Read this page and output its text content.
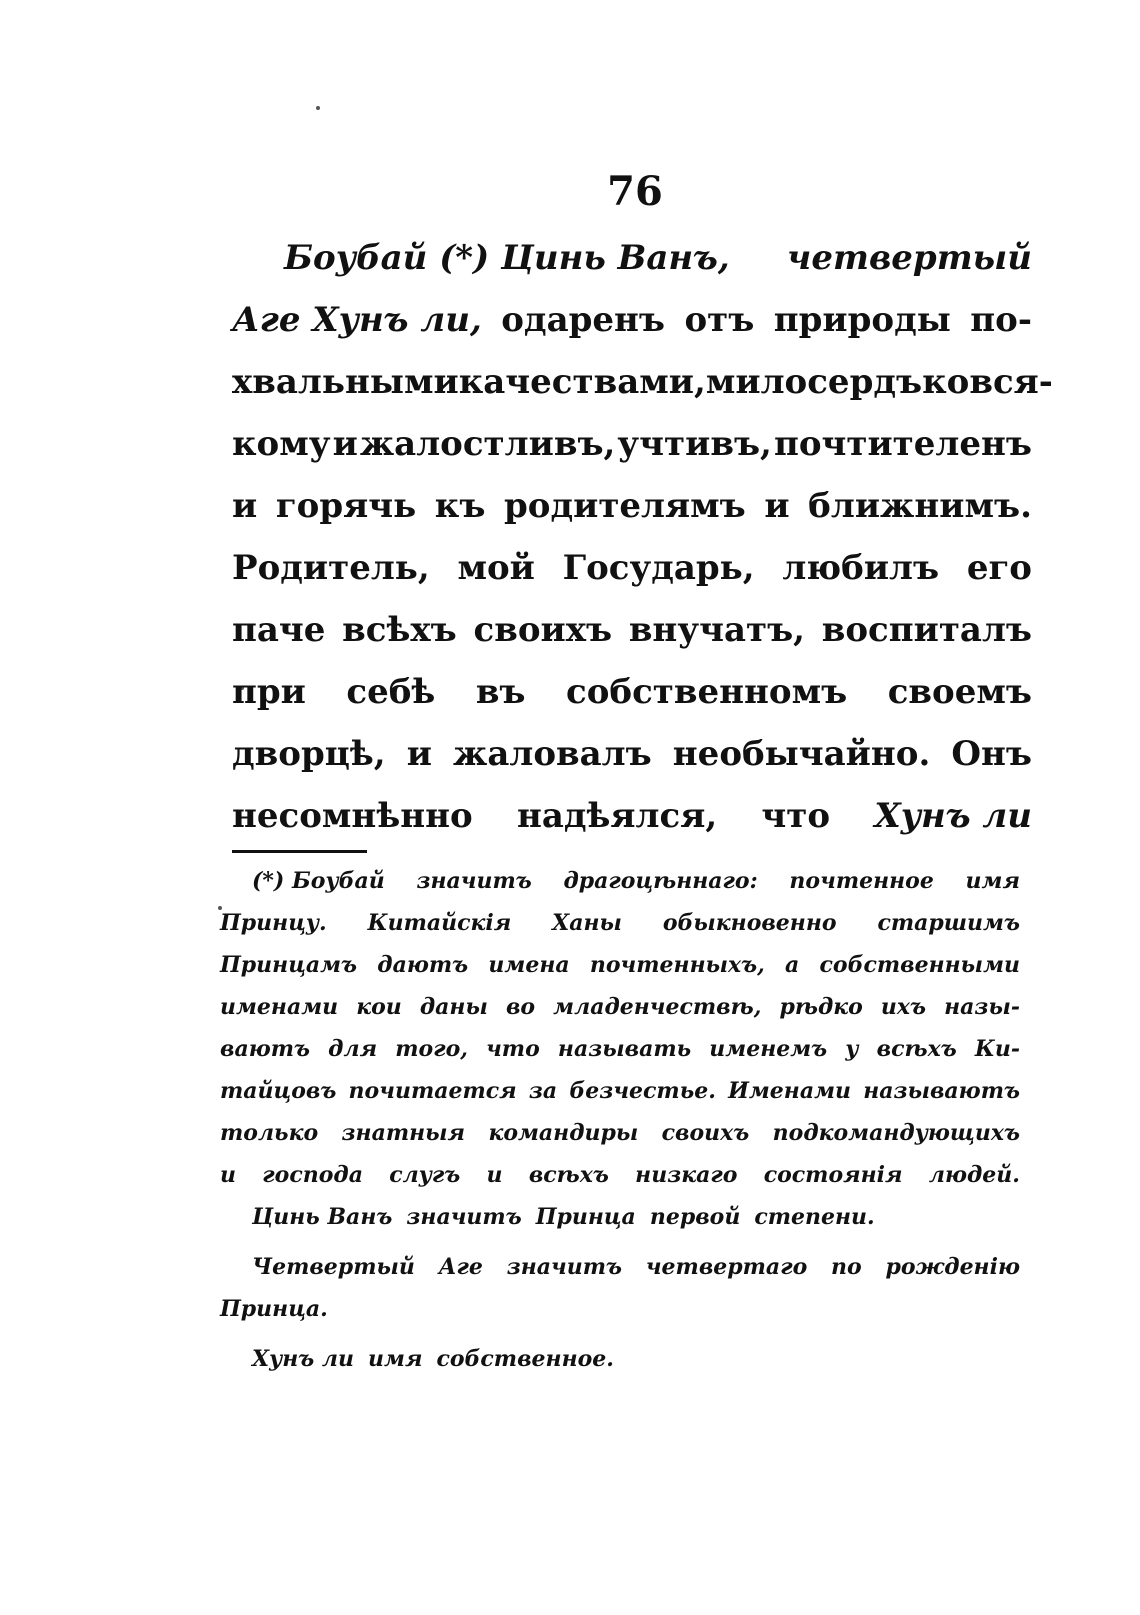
76
Боубай (*) Цинь Ванъ, четвертый
Аге Хунъ ли, одаренъ отъ природы по-
хвальными качествами, милосердъ ко вся-
кому и жалостливъ, учтивъ, почтителенъ
и горячь къ родителямъ и ближнимъ.
Родитель, мой Государь, любилъ его
паче всѣхъ своихъ внучатъ, воспиталъ
при себѣ въ собственномъ своемъ
дворцѣ, и жаловалъ необычайно. Онъ
несомнѣнно надѣялся, что Хунъ ли
(*) Боубай значитъ драгоцѣннаго: почтенное имя
Принцу. Китайскія Ханы обыкновенно старшимъ
Принцамъ даютъ имена почтенныхъ, а собственными
именами кои даны во младенчествѣ, рѣдко ихъ назы-
ваютъ для того, что называть именемъ у всѣхъ Ки-
тайцовъ почитается за безчестье. Именами называютъ
только знатныя командиры своихъ подкомандующихъ
и господа слугъ и всѣхъ низкаго состоянія людей.
Цинь Ванъ значитъ Принца первой степени.
Четвертый Аге значитъ четвертаго по рожденію
Принца.
Хунъ ли имя собственное.
